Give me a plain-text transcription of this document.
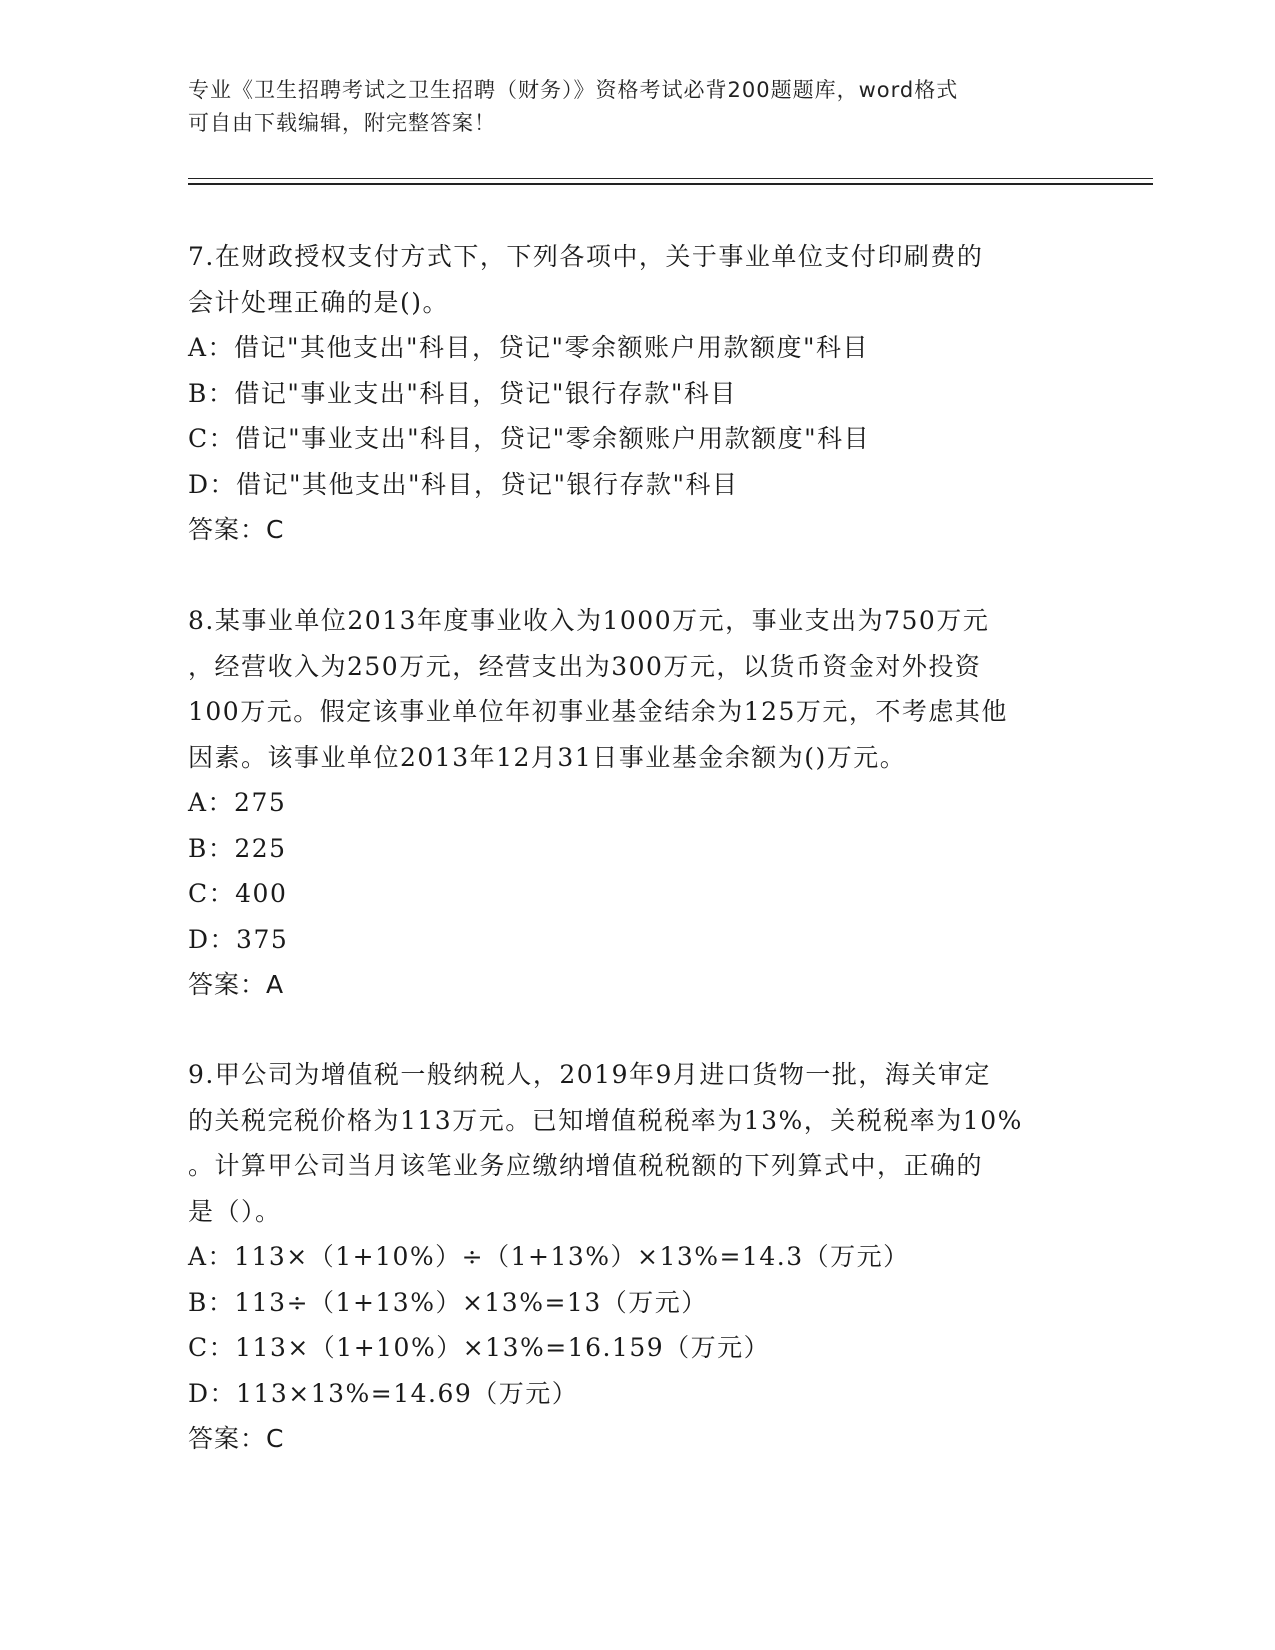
专业《卫生招聘考试之卫生招聘（财务）》资格考试必背200题题库，word格式
可自由下载编辑，附完整答案！

7.在财政授权支付方式下，下列各项中，关于事业单位支付印刷费的

会计处理正确的是()。

A：借记"其他支出"科目，贷记"零余额账户用款额度"科目

B：借记"事业支出"科目，贷记"银行存款"科目

C：借记"事业支出"科目，贷记"零余额账户用款额度"科目

D：借记"其他支出"科目，贷记"银行存款"科目

答案：C

8.某事业单位2013年度事业收入为1000万元，事业支出为750万元

，经营收入为250万元，经营支出为300万元，以货币资金对外投资

100万元。假定该事业单位年初事业基金结余为125万元，不考虑其他

因素。该事业单位2013年12月31日事业基金余额为()万元。

A：275

B：225

C：400

D：375

答案：A

9.甲公司为增值税一般纳税人，2019年9月进口货物一批，海关审定

的关税完税价格为113万元。已知增值税税率为13%，关税税率为10%

。计算甲公司当月该笔业务应缴纳增值税税额的下列算式中，正确的

是（）。

A：113×（1+10%）÷（1+13%）×13%=14.3（万元）

B：113÷（1+13%）×13%=13（万元）

C：113×（1+10%）×13%=16.159（万元）

D：113×13%=14.69（万元）

答案：C
